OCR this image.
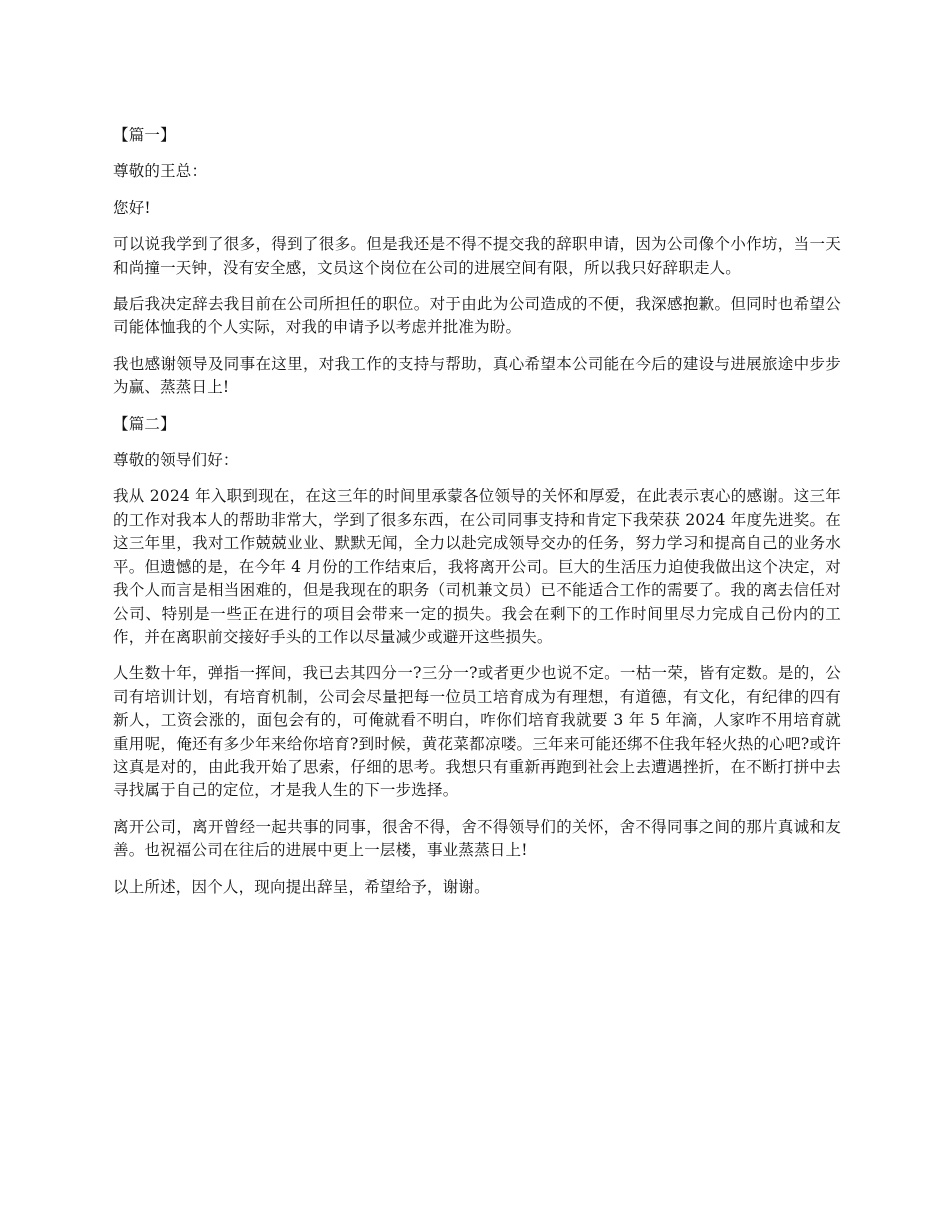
【篇一】

尊敬的王总：

您好!

可以说我学到了很多，得到了很多。但是我还是不得不提交我的辞职申请，因为公司像个小作坊，当一天和尚撞一天钟，没有安全感，文员这个岗位在公司的进展空间有限，所以我只好辞职走人。

最后我决定辞去我目前在公司所担任的职位。对于由此为公司造成的不便，我深感抱歉。但同时也希望公司能体恤我的个人实际，对我的申请予以考虑并批准为盼。

我也感谢领导及同事在这里，对我工作的支持与帮助，真心希望本公司能在今后的建设与进展旅途中步步为赢、蒸蒸日上!

【篇二】

尊敬的领导们好：

我从 2024 年入职到现在，在这三年的时间里承蒙各位领导的关怀和厚爱，在此表示衷心的感谢。这三年的工作对我本人的帮助非常大，学到了很多东西，在公司同事支持和肯定下我荣获 2024 年度先进奖。在这三年里，我对工作兢兢业业、默默无闻，全力以赴完成领导交办的任务，努力学习和提高自己的业务水平。但遗憾的是，在今年 4 月份的工作结束后，我将离开公司。巨大的生活压力迫使我做出这个决定，对我个人而言是相当困难的，但是我现在的职务（司机兼文员）已不能适合工作的需要了。我的离去信任对公司、特别是一些正在进行的项目会带来一定的损失。我会在剩下的工作时间里尽力完成自己份内的工作，并在离职前交接好手头的工作以尽量减少或避开这些损失。

人生数十年，弹指一挥间，我已去其四分一?三分一?或者更少也说不定。一枯一荣，皆有定数。是的，公司有培训计划，有培育机制，公司会尽量把每一位员工培育成为有理想，有道德，有文化，有纪律的四有新人，工资会涨的，面包会有的，可俺就看不明白，咋你们培育我就要 3 年 5 年滴，人家咋不用培育就重用呢，俺还有多少年来给你培育?到时候，黄花菜都凉喽。三年来可能还绑不住我年轻火热的心吧?或许这真是对的，由此我开始了思索，仔细的思考。我想只有重新再跑到社会上去遭遇挫折，在不断打拼中去寻找属于自己的定位，才是我人生的下一步选择。

离开公司，离开曾经一起共事的同事，很舍不得，舍不得领导们的关怀，舍不得同事之间的那片真诚和友善。也祝福公司在往后的进展中更上一层楼，事业蒸蒸日上!

以上所述，因个人，现向提出辞呈，希望给予，谢谢。
